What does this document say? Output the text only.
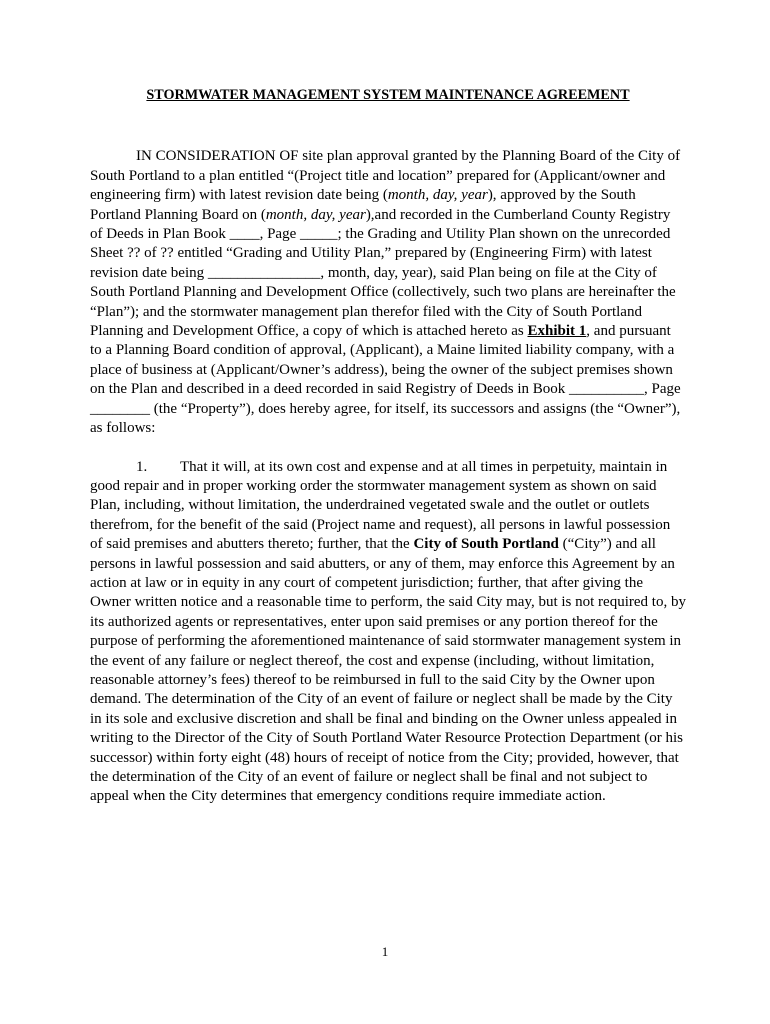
STORMWATER MANAGEMENT SYSTEM MAINTENANCE AGREEMENT

IN CONSIDERATION OF site plan approval granted by the Planning Board of the City of South Portland to a plan entitled “(Project title and location” prepared for (Applicant/owner and engineering firm) with latest revision date being (month, day, year), approved by the South Portland Planning Board on (month, day, year),and recorded in the Cumberland County Registry of Deeds in Plan Book ____, Page _____; the Grading and Utility Plan shown on the unrecorded Sheet ?? of ?? entitled “Grading and Utility Plan,” prepared by (Engineering Firm) with latest revision date being _______________, month, day, year), said Plan being on file at the City of South Portland Planning and Development Office (collectively, such two plans are hereinafter the “Plan”); and the stormwater management plan therefor filed with the City of South Portland Planning and Development Office, a copy of which is attached hereto as Exhibit 1, and pursuant to a Planning Board condition of approval, (Applicant), a Maine limited liability company, with a place of business at (Applicant/Owner’s address), being the owner of the subject premises shown on the Plan and described in a deed recorded in said Registry of Deeds in Book __________, Page ________ (the “Property”), does hereby agree, for itself, its successors and assigns (the “Owner”), as follows:

1. That it will, at its own cost and expense and at all times in perpetuity, maintain in good repair and in proper working order the stormwater management system as shown on said Plan, including, without limitation, the underdrained vegetated swale and the outlet or outlets therefrom, for the benefit of the said (Project name and request), all persons in lawful possession of said premises and abutters thereto; further, that the City of South Portland (“City”) and all persons in lawful possession and said abutters, or any of them, may enforce this Agreement by an action at law or in equity in any court of competent jurisdiction; further, that after giving the Owner written notice and a reasonable time to perform, the said City may, but is not required to, by its authorized agents or representatives, enter upon said premises or any portion thereof for the purpose of performing the aforementioned maintenance of said stormwater management system in the event of any failure or neglect thereof, the cost and expense (including, without limitation, reasonable attorney’s fees) thereof to be reimbursed in full to the said City by the Owner upon demand. The determination of the City of an event of failure or neglect shall be made by the City in its sole and exclusive discretion and shall be final and binding on the Owner unless appealed in writing to the Director of the City of South Portland Water Resource Protection Department (or his successor) within forty eight (48) hours of receipt of notice from the City; provided, however, that the determination of the City of an event of failure or neglect shall be final and not subject to appeal when the City determines that emergency conditions require immediate action.

1
